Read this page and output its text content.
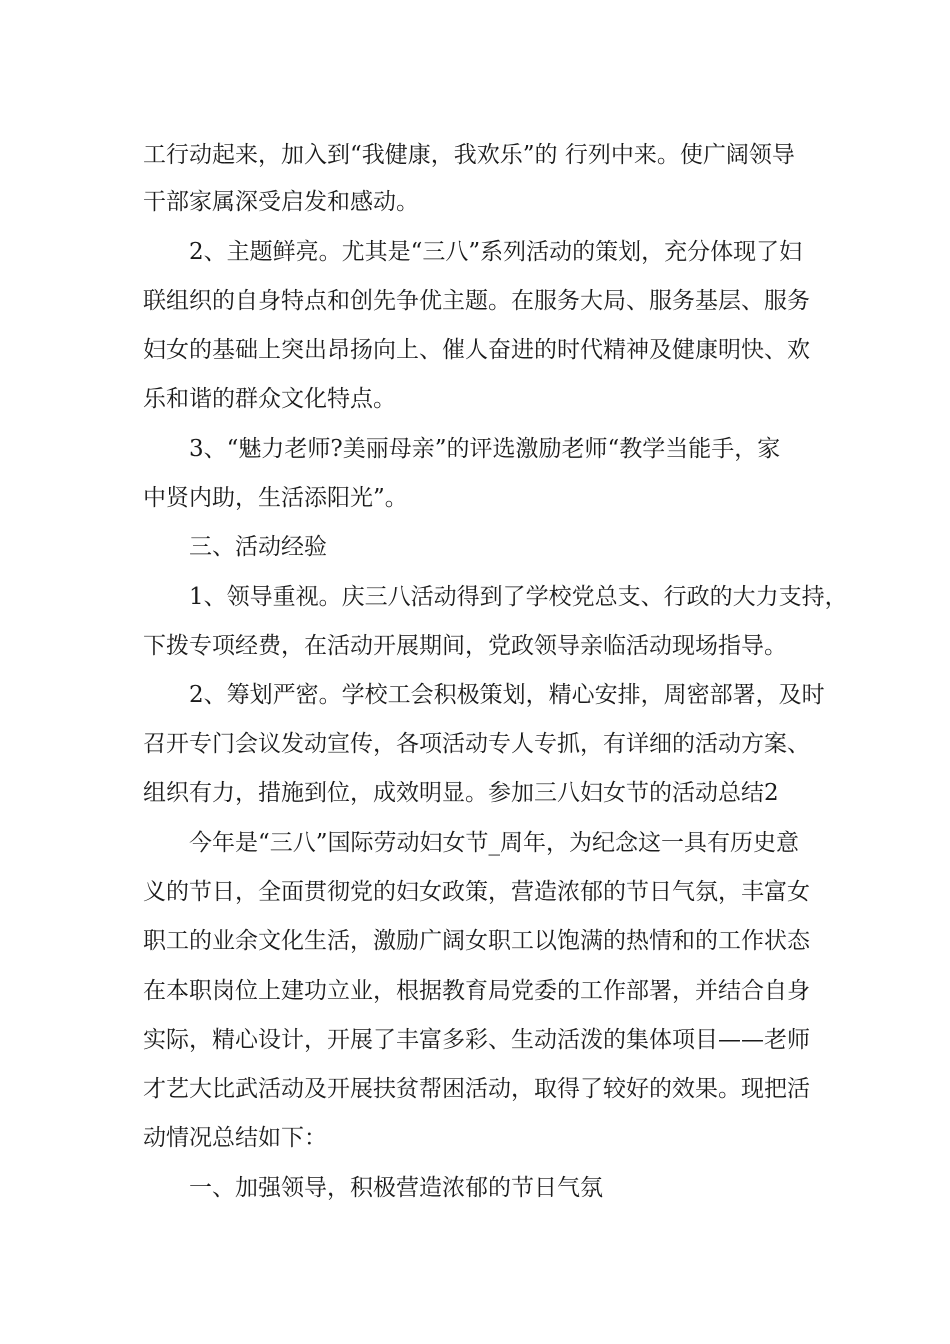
工行动起来，加入到“我健康，我欢乐”的 行列中来。使广阔领导
干部家属深受启发和感动。
2、主题鲜亮。尤其是“三八”系列活动的策划，充分体现了妇
联组织的自身特点和创先争优主题。在服务大局、服务基层、服务
妇女的基础上突出昂扬向上、催人奋进的时代精神及健康明快、欢
乐和谐的群众文化特点。
3、“魅力老师?美丽母亲”的评选激励老师“教学当能手，家
中贤内助，生活添阳光”。
三、活动经验
1、领导重视。庆三八活动得到了学校党总支、行政的大力支持，
下拨专项经费，在活动开展期间，党政领导亲临活动现场指导。
2、筹划严密。学校工会积极策划，精心安排，周密部署，及时
召开专门会议发动宣传，各项活动专人专抓，有详细的活动方案、
组织有力，措施到位，成效明显。参加三八妇女节的活动总结2
今年是“三八”国际劳动妇女节_周年，为纪念这一具有历史意
义的节日，全面贯彻党的妇女政策，营造浓郁的节日气氛，丰富女
职工的业余文化生活，激励广阔女职工以饱满的热情和的工作状态
在本职岗位上建功立业，根据教育局党委的工作部署，并结合自身
实际，精心设计，开展了丰富多彩、生动活泼的集体项目——老师
才艺大比武活动及开展扶贫帮困活动，取得了较好的效果。现把活
动情况总结如下：
一、加强领导，积极营造浓郁的节日气氛
